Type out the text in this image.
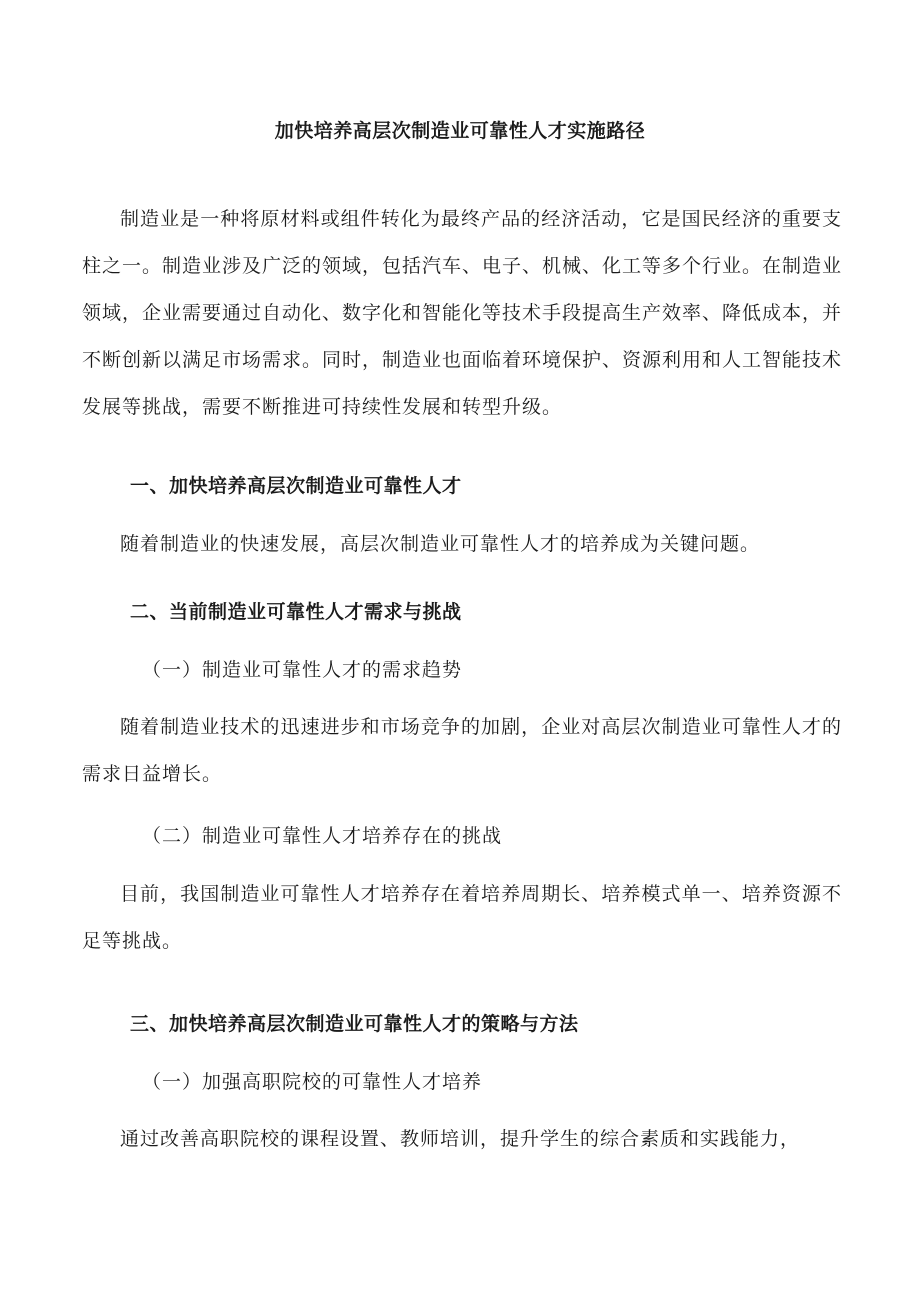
加快培养高层次制造业可靠性人才实施路径

制造业是一种将原材料或组件转化为最终产品的经济活动，它是国民经济的重要支柱之一。制造业涉及广泛的领域，包括汽车、电子、机械、化工等多个行业。在制造业领域，企业需要通过自动化、数字化和智能化等技术手段提高生产效率、降低成本，并不断创新以满足市场需求。同时，制造业也面临着环境保护、资源利用和人工智能技术发展等挑战，需要不断推进可持续性发展和转型升级。

一、加快培养高层次制造业可靠性人才

随着制造业的快速发展，高层次制造业可靠性人才的培养成为关键问题。

二、当前制造业可靠性人才需求与挑战
（一）制造业可靠性人才的需求趋势

随着制造业技术的迅速进步和市场竞争的加剧，企业对高层次制造业可靠性人才的需求日益增长。

（二）制造业可靠性人才培养存在的挑战

目前，我国制造业可靠性人才培养存在着培养周期长、培养模式单一、培养资源不足等挑战。

三、加快培养高层次制造业可靠性人才的策略与方法
（一）加强高职院校的可靠性人才培养

通过改善高职院校的课程设置、教师培训，提升学生的综合素质和实践能力，
